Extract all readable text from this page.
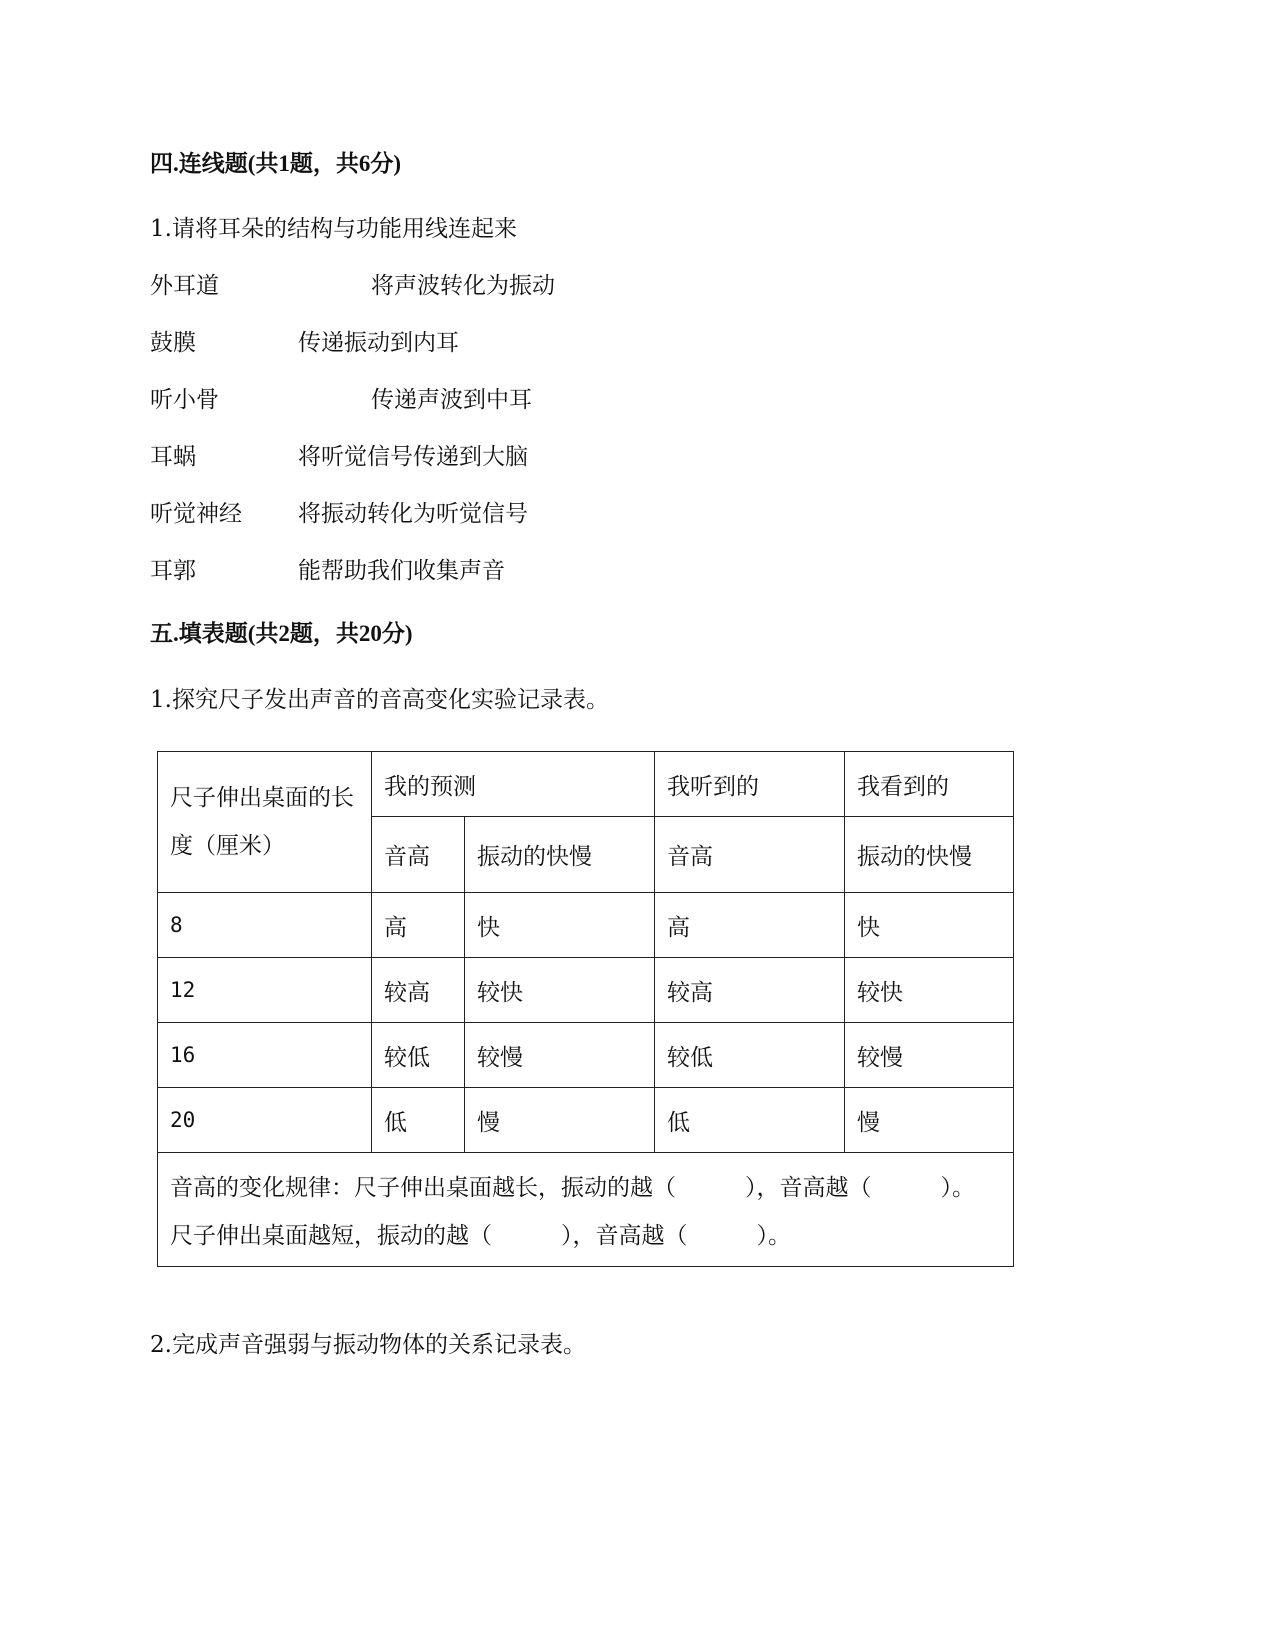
四.连线题(共1题，共6分)
1.请将耳朵的结构与功能用线连起来
外耳道	将声波转化为振动
鼓膜	传递振动到内耳
听小骨	传递声波到中耳
耳蜗	将听觉信号传递到大脑
听觉神经 将振动转化为听觉信号
耳郭	能帮助我们收集声音
五.填表题(共2题，共20分)
1.探究尺子发出声音的音高变化实验记录表。
尺子伸出桌面的长度（厘米）	我的预测		我听到的	我看到的
	音高	振动的快慢	音高	振动的快慢
8	高	快	高	快
12	较高	较快	较高	较快
16	较低	较慢	较低	较慢
20	低	慢	低	慢

音高的变化规律：尺子伸出桌面越长，振动的越（　　　），音高越（　　　）。
尺子伸出桌面越短，振动的越（　　　），音高越（　　　）。				
2.完成声音强弱与振动物体的关系记录表。
